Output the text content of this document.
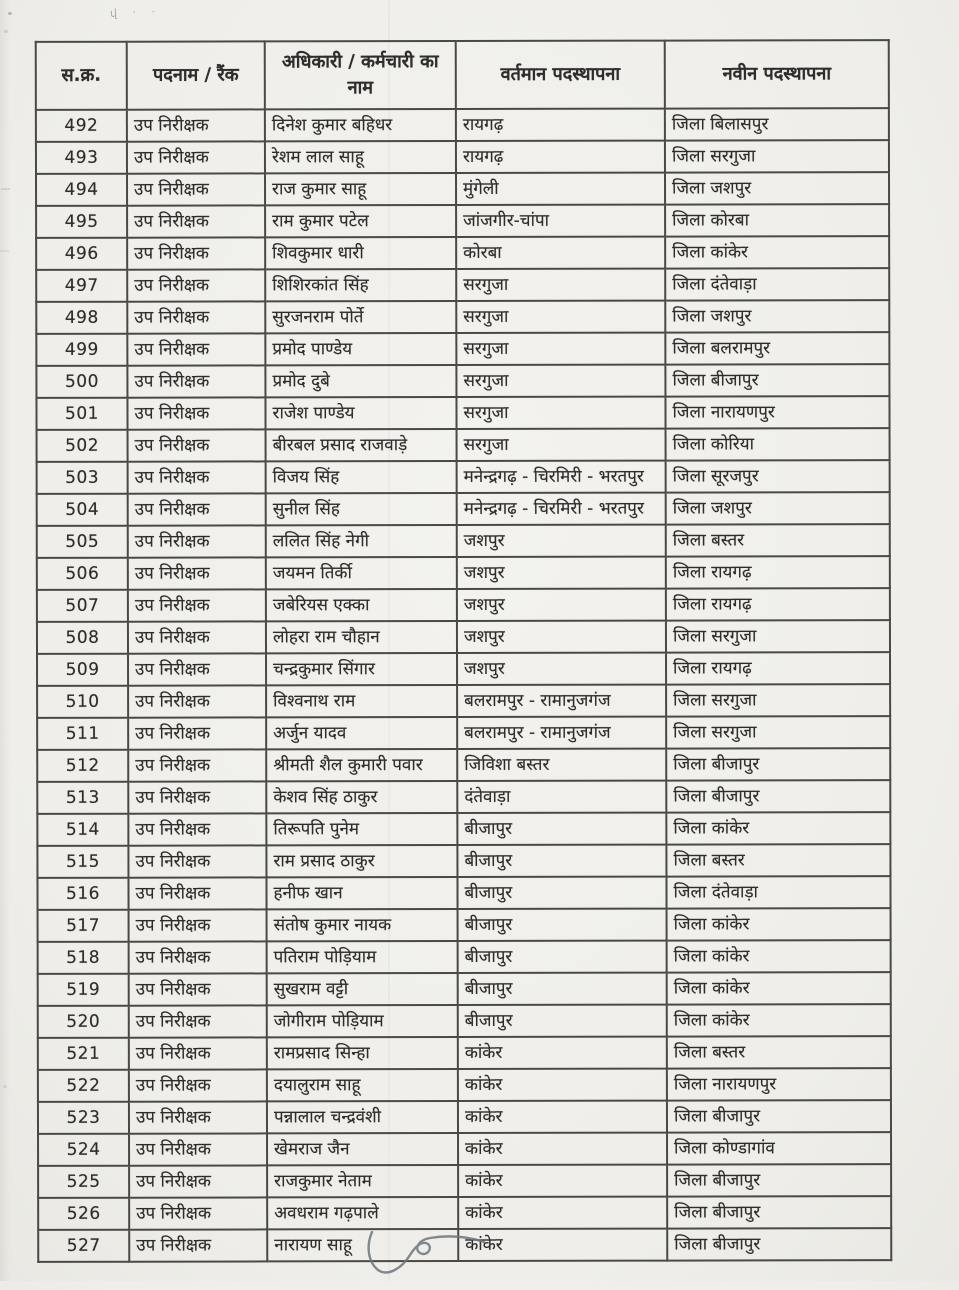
վ · ·
स.क्र.	पदनाम / रैंक	अधिकारी / कर्मचारी का नाम	वर्तमान पदस्थापना	नवीन पदस्थापना
492	उप निरीक्षक	दिनेश कुमार बहिधर	रायगढ़	जिला बिलासपुर
493	उप निरीक्षक	रेशम लाल साहू	रायगढ़	जिला सरगुजा
494	उप निरीक्षक	राज कुमार साहू	मुंगेली	जिला जशपुर
495	उप निरीक्षक	राम कुमार पटेल	जांजगीर-चांपा	जिला कोरबा
496	उप निरीक्षक	शिवकुमार धारी	कोरबा	जिला कांकेर
497	उप निरीक्षक	शिशिरकांत सिंह	सरगुजा	जिला दंतेवाड़ा
498	उप निरीक्षक	सुरजनराम पोर्ते	सरगुजा	जिला जशपुर
499	उप निरीक्षक	प्रमोद पाण्डेय	सरगुजा	जिला बलरामपुर
500	उप निरीक्षक	प्रमोद दुबे	सरगुजा	जिला बीजापुर
501	उप निरीक्षक	राजेश पाण्डेय	सरगुजा	जिला नारायणपुर
502	उप निरीक्षक	बीरबल प्रसाद राजवाड़े	सरगुजा	जिला कोरिया
503	उप निरीक्षक	विजय सिंह	मनेन्द्रगढ़ - चिरमिरी - भरतपुर	जिला सूरजपुर
504	उप निरीक्षक	सुनील सिंह	मनेन्द्रगढ़ - चिरमिरी - भरतपुर	जिला जशपुर
505	उप निरीक्षक	ललित सिंह नेगी	जशपुर	जिला बस्तर
506	उप निरीक्षक	जयमन तिर्की	जशपुर	जिला रायगढ़
507	उप निरीक्षक	जबेरियस एक्का	जशपुर	जिला रायगढ़
508	उप निरीक्षक	लोहरा राम चौहान	जशपुर	जिला सरगुजा
509	उप निरीक्षक	चन्द्रकुमार सिंगार	जशपुर	जिला रायगढ़
510	उप निरीक्षक	विश्वनाथ राम	बलरामपुर - रामानुजगंज	जिला सरगुजा
511	उप निरीक्षक	अर्जुन यादव	बलरामपुर - रामानुजगंज	जिला सरगुजा
512	उप निरीक्षक	श्रीमती शैल कुमारी पवार	जिविशा बस्तर	जिला बीजापुर
513	उप निरीक्षक	केशव सिंह ठाकुर	दंतेवाड़ा	जिला बीजापुर
514	उप निरीक्षक	तिरूपति पुनेम	बीजापुर	जिला कांकेर
515	उप निरीक्षक	राम प्रसाद ठाकुर	बीजापुर	जिला बस्तर
516	उप निरीक्षक	हनीफ खान	बीजापुर	जिला दंतेवाड़ा
517	उप निरीक्षक	संतोष कुमार नायक	बीजापुर	जिला कांकेर
518	उप निरीक्षक	पतिराम पोड़ियाम	बीजापुर	जिला कांकेर
519	उप निरीक्षक	सुखराम वट्टी	बीजापुर	जिला कांकेर
520	उप निरीक्षक	जोगीराम पोड़ियाम	बीजापुर	जिला कांकेर
521	उप निरीक्षक	रामप्रसाद सिन्हा	कांकेर	जिला बस्तर
522	उप निरीक्षक	दयालुराम साहू	कांकेर	जिला नारायणपुर
523	उप निरीक्षक	पन्नालाल चन्द्रवंशी	कांकेर	जिला बीजापुर
524	उप निरीक्षक	खेमराज जैन	कांकेर	जिला कोण्डागांव
525	उप निरीक्षक	राजकुमार नेताम	कांकेर	जिला बीजापुर
526	उप निरीक्षक	अवधराम गढ़पाले	कांकेर	जिला बीजापुर
527	उप निरीक्षक	नारायण साहू	कांकेर	जिला बीजापुर
